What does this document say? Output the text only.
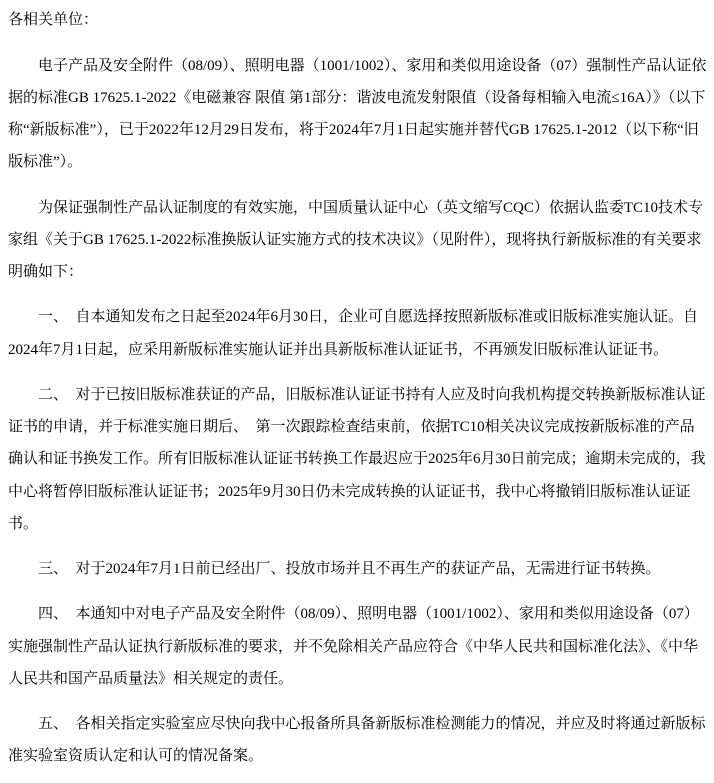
各相关单位：

电子产品及安全附件（08/09）、照明电器（1001/1002）、家用和类似用途设备（07）强制性产品认证依据的标准GB 17625.1-2022《电磁兼容 限值 第1部分：谐波电流发射限值（设备每相输入电流≤16A）》（以下称“新版标准”），已于2022年12月29日发布，将于2024年7月1日起实施并替代GB 17625.1-2012（以下称“旧版标准”）。

为保证强制性产品认证制度的有效实施，中国质量认证中心（英文缩写CQC）依据认监委TC10技术专家组《关于GB 17625.1-2022标准换版认证实施方式的技术决议》（见附件），现将执行新版标准的有关要求明确如下：

一、　自本通知发布之日起至2024年6月30日，企业可自愿选择按照新版标准或旧版标准实施认证。自2024年7月1日起，应采用新版标准实施认证并出具新版标准认证证书，不再颁发旧版标准认证证书。

二、　对于已按旧版标准获证的产品，旧版标准认证证书持有人应及时向我机构提交转换新版标准认证证书的申请，并于标准实施日期后、　第一次跟踪检查结束前，依据TC10相关决议完成按新版标准的产品确认和证书换发工作。所有旧版标准认证证书转换工作最迟应于2025年6月30日前完成；逾期未完成的，我中心将暂停旧版标准认证证书；2025年9月30日仍未完成转换的认证证书，我中心将撤销旧版标准认证证书。

三、　对于2024年7月1日前已经出厂、投放市场并且不再生产的获证产品，无需进行证书转换。

四、　本通知中对电子产品及安全附件（08/09）、照明电器（1001/1002）、家用和类似用途设备（07）实施强制性产品认证执行新版标准的要求，并不免除相关产品应符合《中华人民共和国标准化法》、《中华人民共和国产品质量法》相关规定的责任。

五、　各相关指定实验室应尽快向我中心报备所具备新版标准检测能力的情况，并应及时将通过新版标准实验室资质认定和认可的情况备案。
